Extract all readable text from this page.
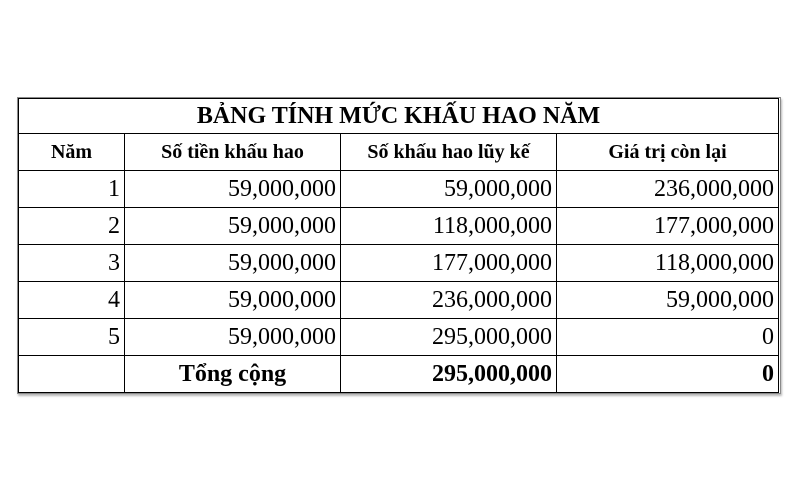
BẢNG TÍNH MỨC KHẤU HAO NĂM			
Năm	Số tiền khấu hao	Số khấu hao lũy kế	Giá trị còn lại
1	59,000,000	59,000,000	236,000,000
2	59,000,000	118,000,000	177,000,000
3	59,000,000	177,000,000	118,000,000
4	59,000,000	236,000,000	59,000,000
5	59,000,000	295,000,000	0
	Tổng cộng	295,000,000	0
